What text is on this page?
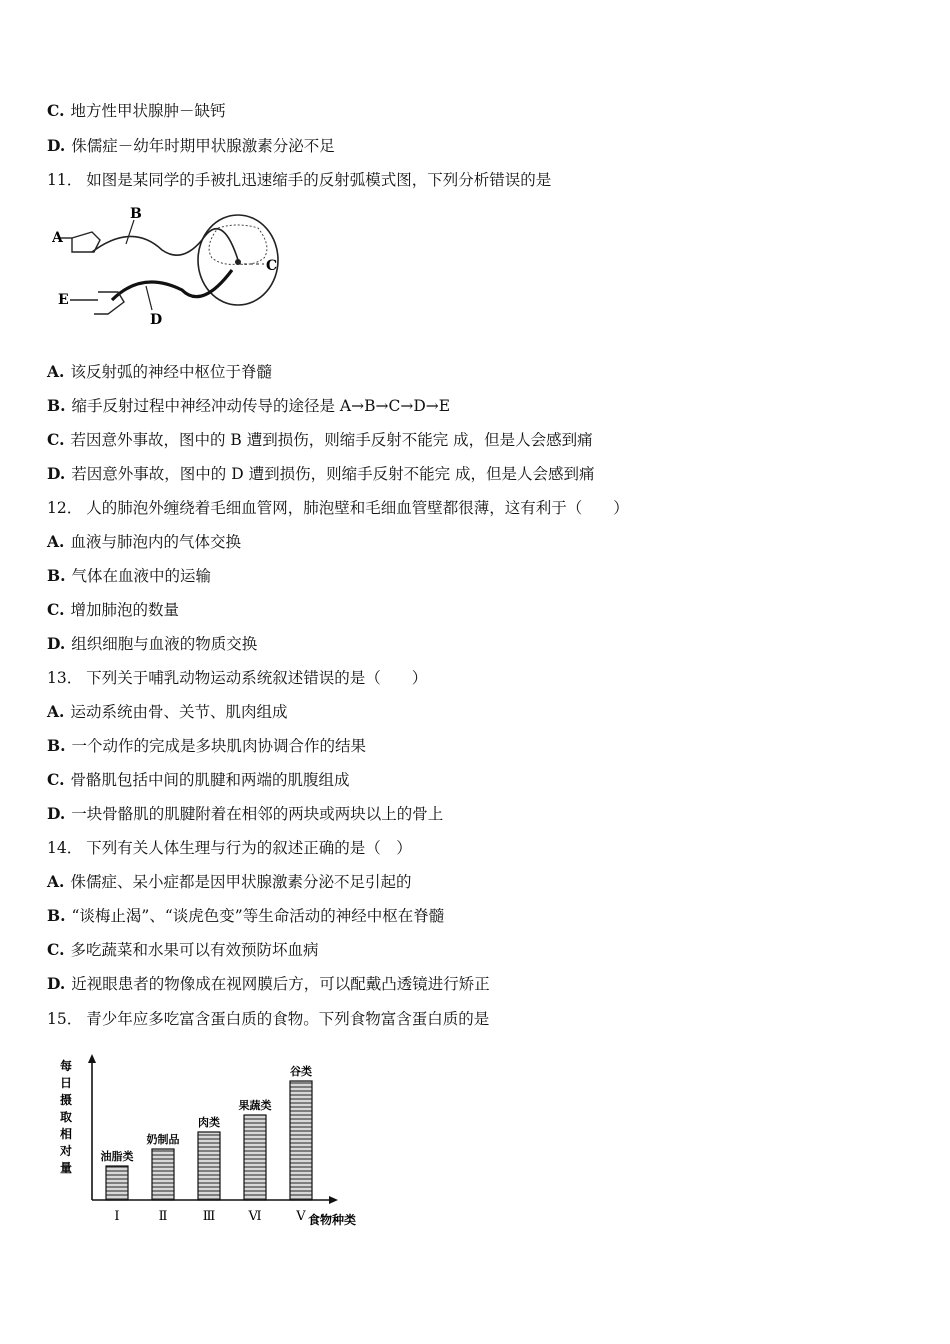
C. 地方性甲状腺肿－缺钙
D. 侏儒症－幼年时期甲状腺激素分泌不足
11． 如图是某同学的手被扎迅速缩手的反射弧模式图，下列分析错误的是
A
B
C
D
E
A. 该反射弧的神经中枢位于脊髓
B. 缩手反射过程中神经冲动传导的途径是 A→B→C→D→E
C. 若因意外事故，图中的 B 遭到损伤，则缩手反射不能完 成，但是人会感到痛
D. 若因意外事故，图中的 D 遭到损伤，则缩手反射不能完 成，但是人会感到痛
12． 人的肺泡外缠绕着毛细血管网，肺泡壁和毛细血管壁都很薄，这有利于（　　）
A. 血液与肺泡内的气体交换
B. 气体在血液中的运输
C. 增加肺泡的数量
D. 组织细胞与血液的物质交换
13． 下列关于哺乳动物运动系统叙述错误的是（　　）
A. 运动系统由骨、关节、肌肉组成
B. 一个动作的完成是多块肌肉协调合作的结果
C. 骨骼肌包括中间的肌腱和两端的肌腹组成
D. 一块骨骼肌的肌腱附着在相邻的两块或两块以上的骨上
14． 下列有关人体生理与行为的叙述正确的是（　）
A. 侏儒症、呆小症都是因甲状腺激素分泌不足引起的
B. “谈梅止渴”、“谈虎色变”等生命活动的神经中枢在脊髓
C. 多吃蔬菜和水果可以有效预防坏血病
D. 近视眼患者的物像成在视网膜后方，可以配戴凸透镜进行矫正
15． 青少年应多吃富含蛋白质的食物。下列食物富含蛋白质的是
每
日
摄
取
相
对
量
油脂类
Ⅰ
奶制品
Ⅱ
肉类
Ⅲ
果蔬类
Ⅵ
谷类
Ⅴ 食物种类
